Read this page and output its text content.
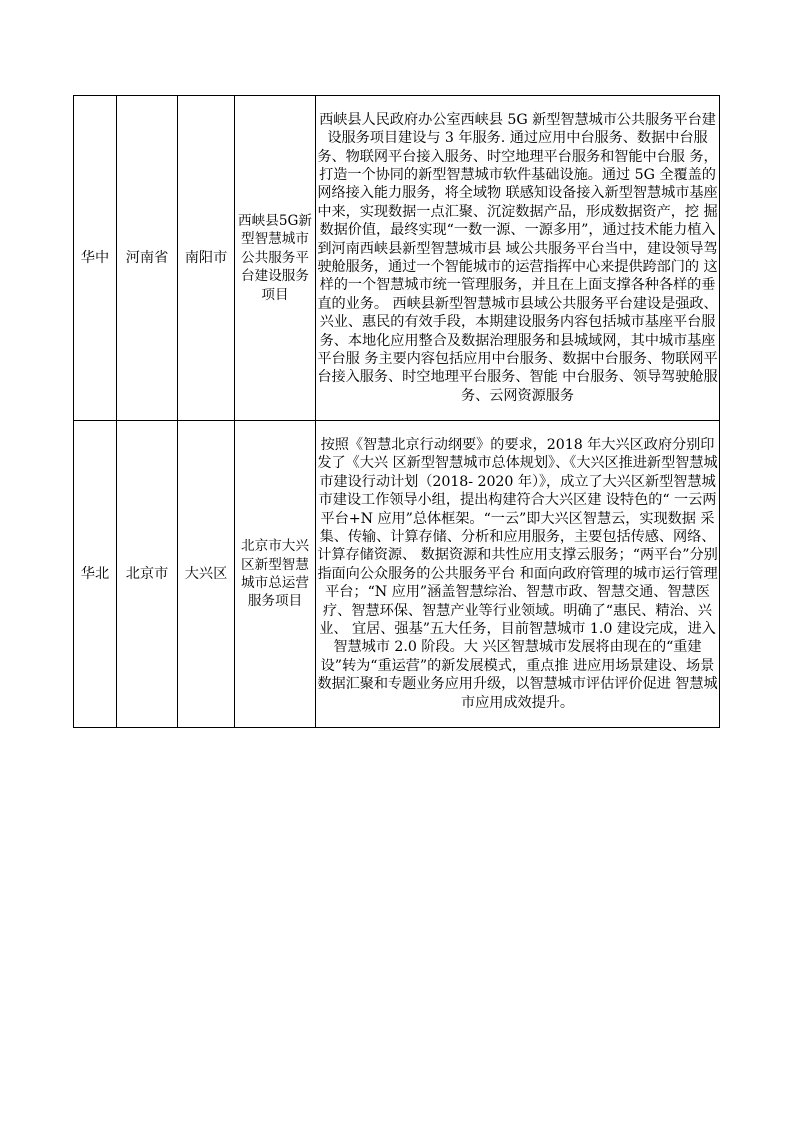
华中	河南省	南阳市	西峡县5G新型智慧城市公共服务平台建设服务项目	西峡县人民政府办公室西峡县 5G 新型智慧城市公共服务平台建设服务项目建设与 3 年服务. 通过应用中台服务、数据中台服务、物联网平台接入服务、时空地理平台服务和智能中台服 务，打造一个协同的新型智慧城市软件基础设施。通过 5G 全覆盖的网络接入能力服务，将全域物 联感知设备接入新型智慧城市基座中来，实现数据一点汇聚、沉淀数据产品，形成数据资产，挖 掘数据价值，最终实现“一数一源、一源多用”，通过技术能力植入到河南西峡县新型智慧城市县 域公共服务平台当中，建设领导驾驶舱服务，通过一个智能城市的运营指挥中心来提供跨部门的 这样的一个智慧城市统一管理服务，并且在上面支撑各种各样的垂直的业务。 西峡县新型智慧城市县域公共服务平台建设是强政、兴业、惠民的有效手段，本期建设服务内容包括城市基座平台服务、本地化应用整合及数据治理服务和县城域网，其中城市基座平台服 务主要内容包括应用中台服务、数据中台服务、物联网平台接入服务、时空地理平台服务、智能 中台服务、领导驾驶舱服务、云网资源服务
华北	北京市	大兴区	北京市大兴区新型智慧城市总运营服务项目	按照《智慧北京行动纲要》的要求，2018 年大兴区政府分别印发了《大兴 区新型智慧城市总体规划》、《大兴区推进新型智慧城市建设行动计划（2018- 2020 年）》，成立了大兴区新型智慧城市建设工作领导小组，提出构建符合大兴区建 设特色的“ 一云两平台+N 应用”总体框架。“一云”即大兴区智慧云，实现数据 采集、传输、计算存储、分析和应用服务，主要包括传感、网络、计算存储资源、 数据资源和共性应用支撑云服务；“两平台”分别指面向公众服务的公共服务平台 和面向政府管理的城市运行管理平台；“N 应用”涵盖智慧综治、智慧市政、智慧交通、智慧医疗、智慧环保、智慧产业等行业领域。明确了“惠民、精治、兴业、 宜居、强基”五大任务，目前智慧城市 1.0 建设完成，进入智慧城市 2.0 阶段。大 兴区智慧城市发展将由现在的“重建设”转为“重运营”的新发展模式，重点推 进应用场景建设、场景数据汇聚和专题业务应用升级，以智慧城市评估评价促进 智慧城市应用成效提升。
